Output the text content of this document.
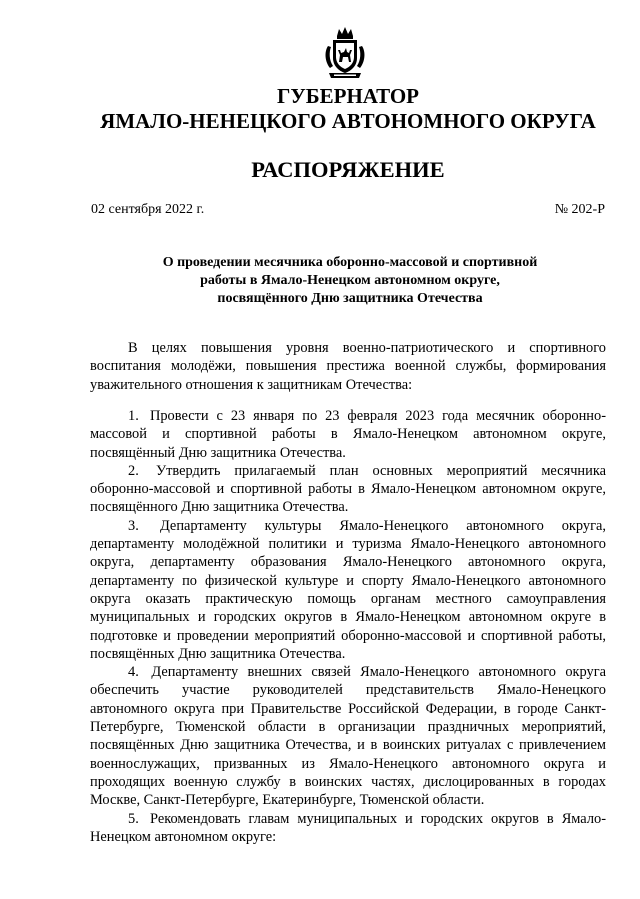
ГУБЕРНАТОР
ЯМАЛО-НЕНЕЦКОГО АВТОНОМНОГО ОКРУГА
РАСПОРЯЖЕНИЕ
02 сентября 2022 г.	№ 202-Р
О проведении месячника оборонно-массовой и спортивной
работы в Ямало-Ненецком автономном округе,
посвящённого Дню защитника Отечества

В целях повышения уровня военно-патриотического и спортивного воспитания молодёжи, повышения престижа военной службы, формирования уважительного отношения к защитникам Отечества:

1. Провести с 23 января по 23 февраля 2023 года месячник оборонно-массовой и спортивной работы в Ямало-Ненецком автономном округе, посвящённый Дню защитника Отечества.

2. Утвердить прилагаемый план основных мероприятий месячника оборонно-массовой и спортивной работы в Ямало-Ненецком автономном округе, посвящённого Дню защитника Отечества.

3. Департаменту культуры Ямало-Ненецкого автономного округа, департаменту молодёжной политики и туризма Ямало-Ненецкого автономного округа, департаменту образования Ямало-Ненецкого автономного округа, департаменту по физической культуре и спорту Ямало-Ненецкого автономного округа оказать практическую помощь органам местного самоуправления муниципальных и городских округов в Ямало-Ненецком автономном округе в подготовке и проведении мероприятий оборонно-массовой и спортивной работы, посвящённых Дню защитника Отечества.

4. Департаменту внешних связей Ямало-Ненецкого автономного округа обеспечить участие руководителей представительств Ямало-Ненецкого автономного округа при Правительстве Российской Федерации, в городе Санкт-Петербурге, Тюменской области в организации праздничных мероприятий, посвящённых Дню защитника Отечества, и в воинских ритуалах с привлечением военнослужащих, призванных из Ямало-Ненецкого автономного округа и проходящих военную службу в воинских частях, дислоцированных в городах Москве, Санкт-Петербурге, Екатеринбурге, Тюменской области.

5. Рекомендовать главам муниципальных и городских округов в Ямало-Ненецком автономном округе:
